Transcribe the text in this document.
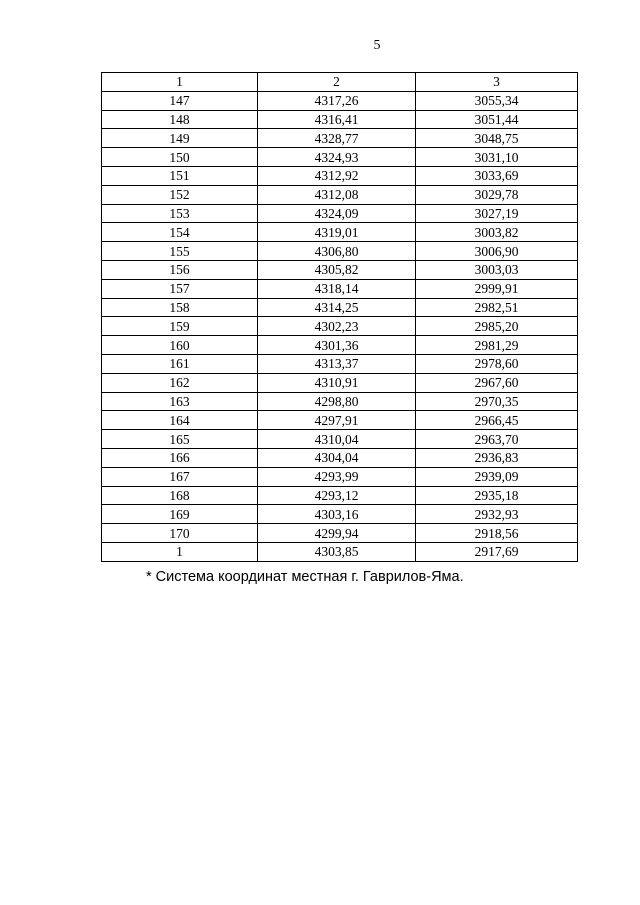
5
1	2	3
147	4317,26	3055,34
148	4316,41	3051,44
149	4328,77	3048,75
150	4324,93	3031,10
151	4312,92	3033,69
152	4312,08	3029,78
153	4324,09	3027,19
154	4319,01	3003,82
155	4306,80	3006,90
156	4305,82	3003,03
157	4318,14	2999,91
158	4314,25	2982,51
159	4302,23	2985,20
160	4301,36	2981,29
161	4313,37	2978,60
162	4310,91	2967,60
163	4298,80	2970,35
164	4297,91	2966,45
165	4310,04	2963,70
166	4304,04	2936,83
167	4293,99	2939,09
168	4293,12	2935,18
169	4303,16	2932,93
170	4299,94	2918,56
1	4303,85	2917,69
* Система координат местная г. Гаврилов-Яма.
